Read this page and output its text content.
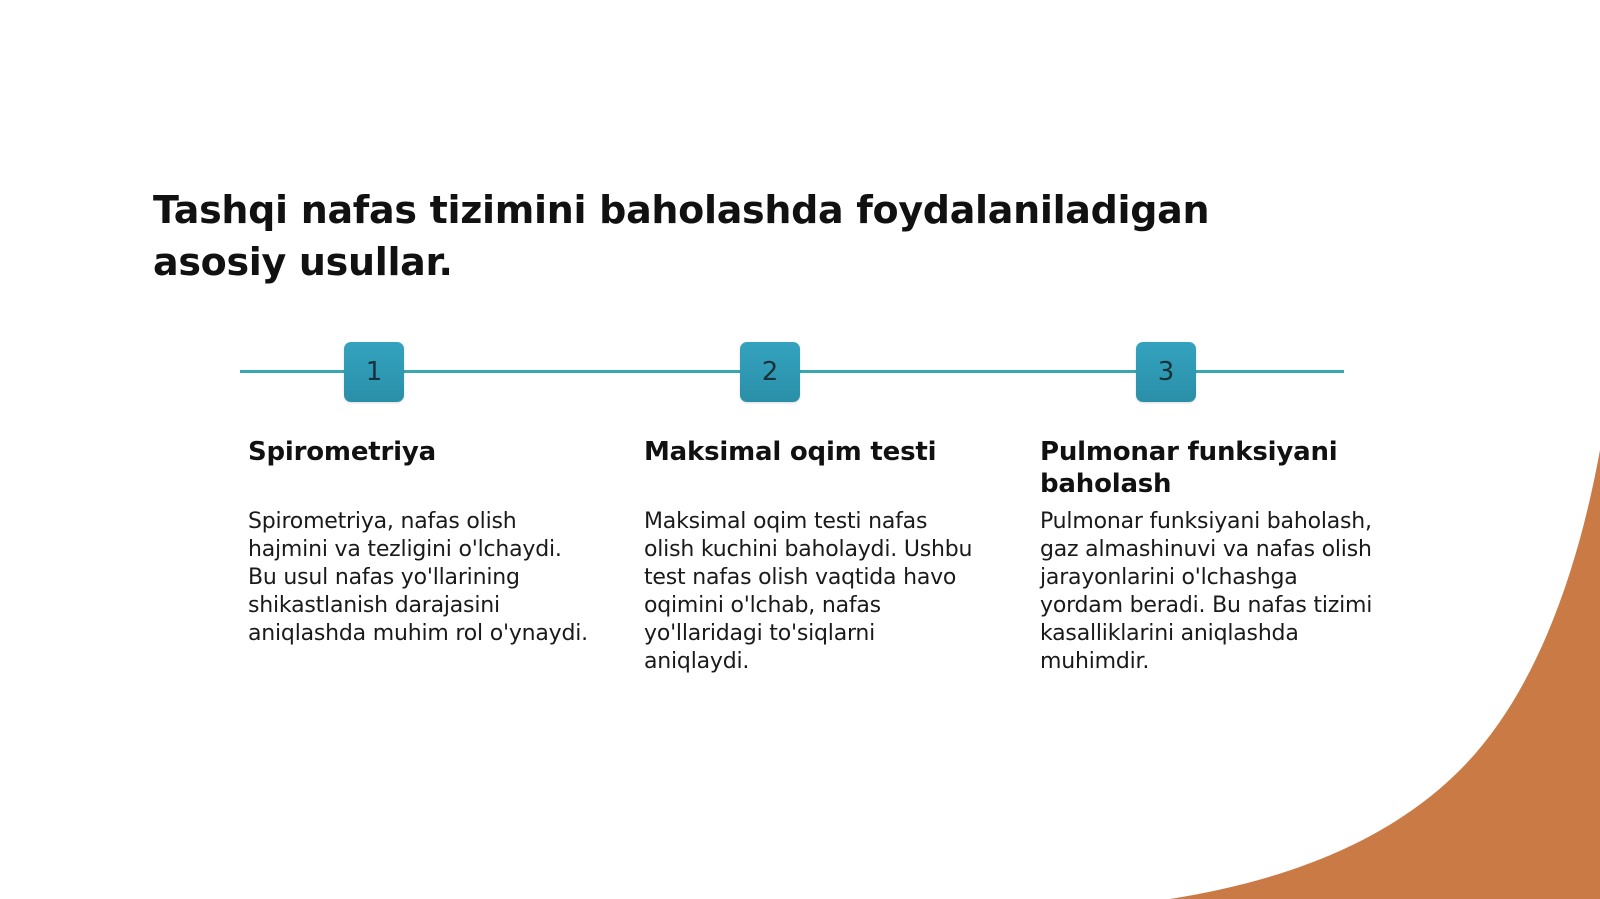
Tashqi nafas tizimini baholashda foydalaniladigan asosiy usullar.
1	2	3
Spirometriya

Spirometriya, nafas olish hajmini va tezligini o'lchaydi. Bu usul nafas yo'llarining shikastlanish darajasini aniqlashda muhim rol o'ynaydi.

Maksimal oqim testi

Maksimal oqim testi nafas olish kuchini baholaydi. Ushbu test nafas olish vaqtida havo oqimini o'lchab, nafas yo'llaridagi to'siqlarni aniqlaydi.

Pulmonar funksiyani baholash

Pulmonar funksiyani baholash, gaz almashinuvi va nafas olish jarayonlarini o'lchashga yordam beradi. Bu nafas tizimi kasalliklarini aniqlashda muhimdir.
